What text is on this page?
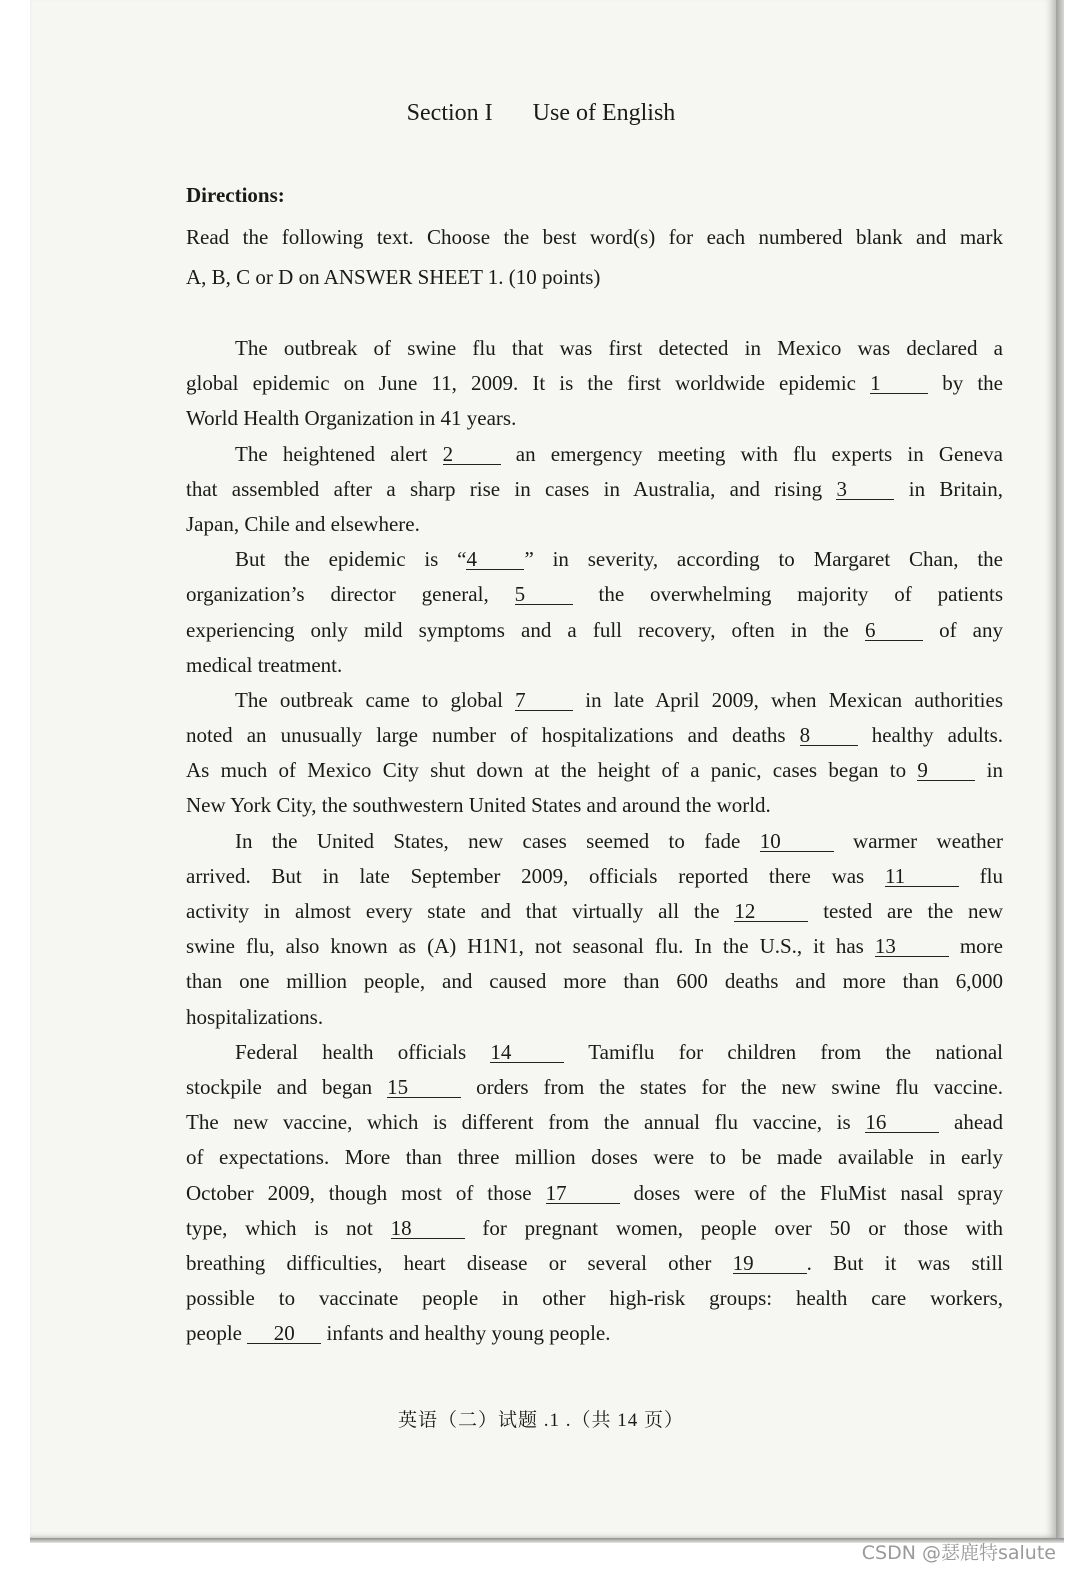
Section I Use of English
Directions:
Read the following text. Choose the best word(s) for each numbered blank and mark
A, B, C or D on ANSWER SHEET 1. (10 points)
The outbreak of swine flu that was first detected in Mexico was declared a
global epidemic on June 11, 2009. It is the first worldwide epidemic 1 by the
World Health Organization in 41 years.
The heightened alert 2 an emergency meeting with flu experts in Geneva
that assembled after a sharp rise in cases in Australia, and rising 3 in Britain,
Japan, Chile and elsewhere.
But the epidemic is “4 ” in severity, according to Margaret Chan, the
organization’s director general, 5 the overwhelming majority of patients
experiencing only mild symptoms and a full recovery, often in the 6 of any
medical treatment.
The outbreak came to global 7 in late April 2009, when Mexican authorities
noted an unusually large number of hospitalizations and deaths 8 healthy adults.
As much of Mexico City shut down at the height of a panic, cases began to 9 in
New York City, the southwestern United States and around the world.
In the United States, new cases seemed to fade 10	warmer weather
arrived. But in late September 2009, officials reported there was 11	flu
activity in almost every state and that virtually all the 12	tested are the new
swine flu, also known as (A) H1N1, not seasonal flu. In the U.S., it has 13	more
than one million people, and caused more than 600 deaths and more than 6,000
hospitalizations.
Federal health officials 14	Tamiflu for children from the national
stockpile and began 15	orders from the states for the new swine flu vaccine.
The new vaccine, which is different from the annual flu vaccine, is 16	ahead
of expectations. More than three million doses were to be made available in early
October 2009, though most of those 17	doses were of the FluMist nasal spray
type, which is not 18	for pregnant women, people over 50 or those with
breathing difficulties, heart disease or several other 19	. But it was still
possible to vaccinate people in other high-risk groups: health care workers,
people 20 infants and healthy young people.
英语（二）试题 .1 .（共 14 页）
CSDN @瑟鹿特salute
